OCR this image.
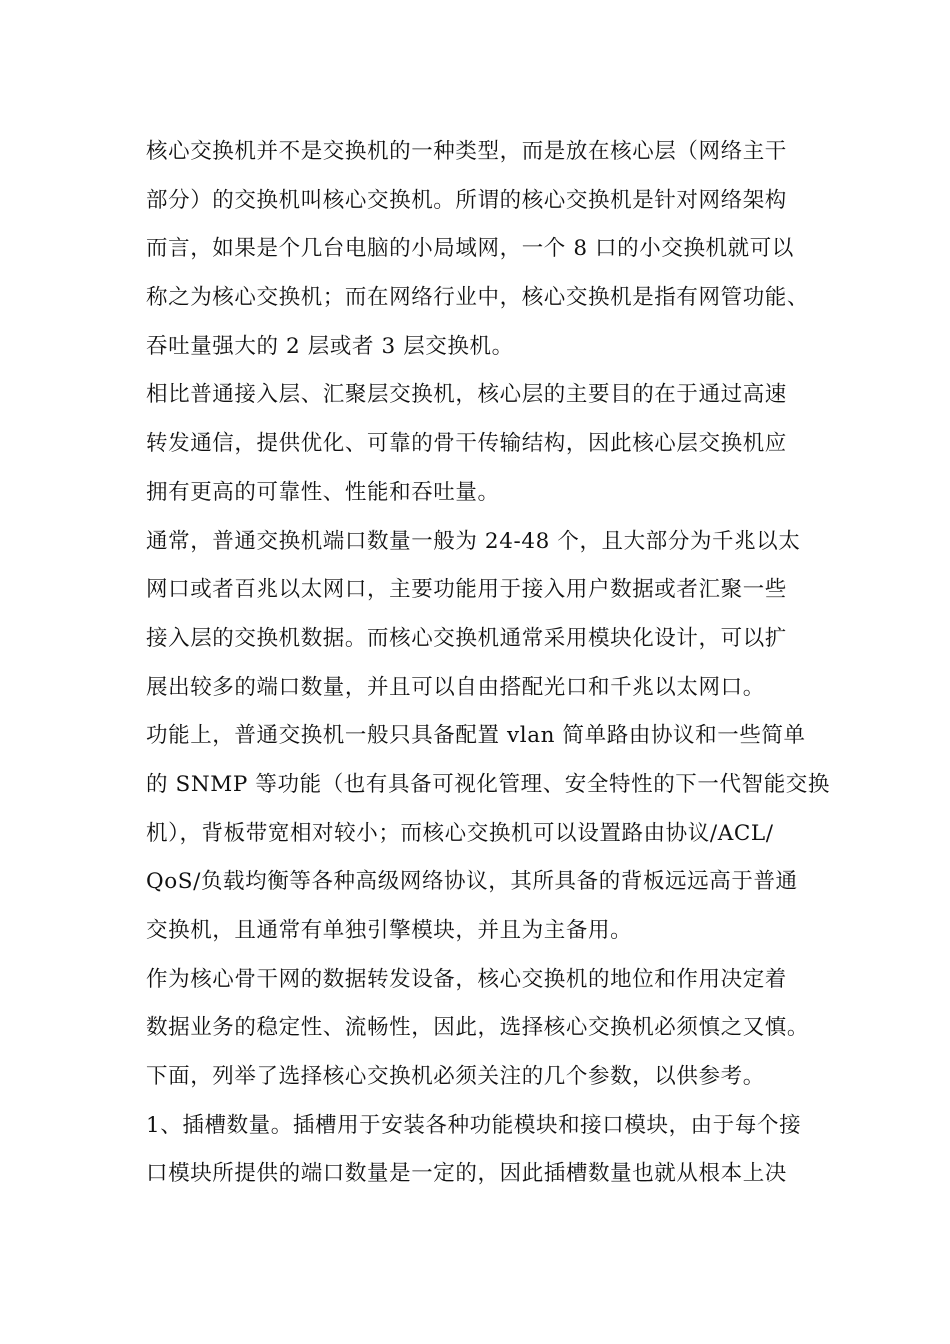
核心交换机并不是交换机的一种类型，而是放在核心层（网络主干
部分）的交换机叫核心交换机。所谓的核心交换机是针对网络架构
而言，如果是个几台电脑的小局域网，一个 8 口的小交换机就可以
称之为核心交换机；而在网络行业中，核心交换机是指有网管功能、
吞吐量强大的 2 层或者 3 层交换机。

相比普通接入层、汇聚层交换机，核心层的主要目的在于通过高速
转发通信，提供优化、可靠的骨干传输结构，因此核心层交换机应
拥有更高的可靠性、性能和吞吐量。

通常，普通交换机端口数量一般为 24-48 个，且大部分为千兆以太
网口或者百兆以太网口，主要功能用于接入用户数据或者汇聚一些
接入层的交换机数据。而核心交换机通常采用模块化设计，可以扩
展出较多的端口数量，并且可以自由搭配光口和千兆以太网口。

功能上，普通交换机一般只具备配置 vlan 简单路由协议和一些简单
的 SNMP 等功能（也有具备可视化管理、安全特性的下一代智能交换
机），背板带宽相对较小；而核心交换机可以设置路由协议/ACL/
QoS/负载均衡等各种高级网络协议，其所具备的背板远远高于普通
交换机，且通常有单独引擎模块，并且为主备用。

作为核心骨干网的数据转发设备，核心交换机的地位和作用决定着
数据业务的稳定性、流畅性，因此，选择核心交换机必须慎之又慎。
下面，列举了选择核心交换机必须关注的几个参数，以供参考。

1、插槽数量。插槽用于安装各种功能模块和接口模块，由于每个接
口模块所提供的端口数量是一定的，因此插槽数量也就从根本上决
